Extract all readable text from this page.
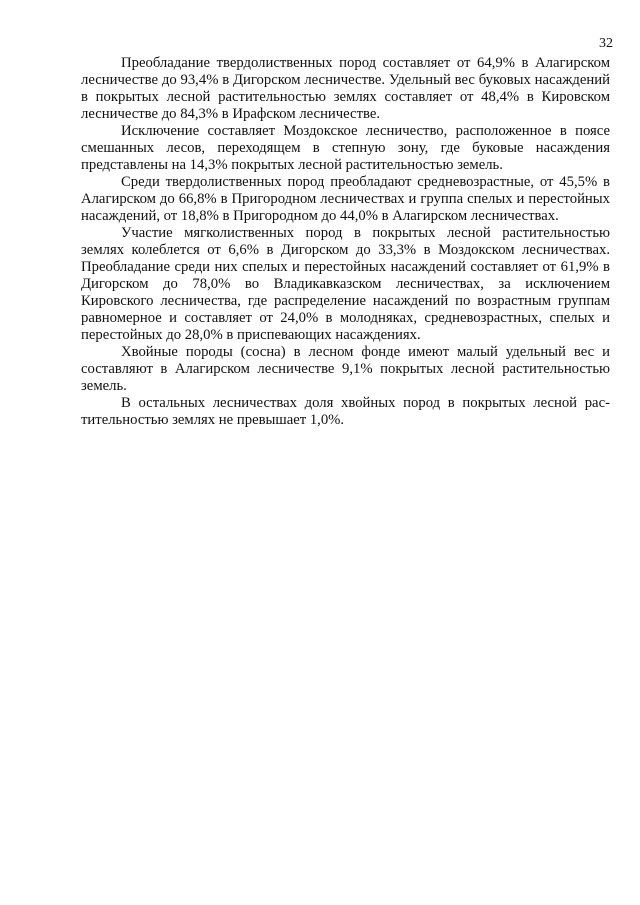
32

Преобладание твердолиственных пород составляет от 64,9% в Алагирском лесничестве до 93,4% в Дигорском лесничестве. Удельный вес буковых насаждений в покрытых лесной растительностью землях составляет от 48,4% в Кировском лесничестве до 84,3% в Ирафском лесничестве.

Исключение составляет Моздокское лесничество, расположенное в поясе смешанных лесов, переходящем в степную зону, где буковые насаждения представлены на 14,3% покрытых лесной растительностью земель.

Среди твердолиственных пород преобладают средневозрастные, от 45,5% в Алагирском до 66,8% в Пригородном лесничествах и группа спелых и перестойных насаждений, от 18,8% в Пригородном до 44,0% в Алагирском лесничествах.

Участие мягколиственных пород в покрытых лесной растительностью землях колеблется от 6,6% в Дигорском до 33,3% в Моздокском лесничествах. Преобладание среди них спелых и перестойных насаждений составляет от 61,9% в Дигорском до 78,0% во Владикавказском лесничествах, за исключением Кировского лесничества, где распределение насаждений по возрастным группам равномерное и составляет от 24,0% в молодняках, средневозрастных, спелых и перестойных до 28,0% в приспевающих насаждениях.

Хвойные породы (сосна) в лесном фонде имеют малый удельный вес и составляют в Алагирском лесничестве 9,1% покрытых лесной растительностью земель.

В остальных лесничествах доля хвойных пород в покрытых лесной растительностью землях не превышает 1,0%.
